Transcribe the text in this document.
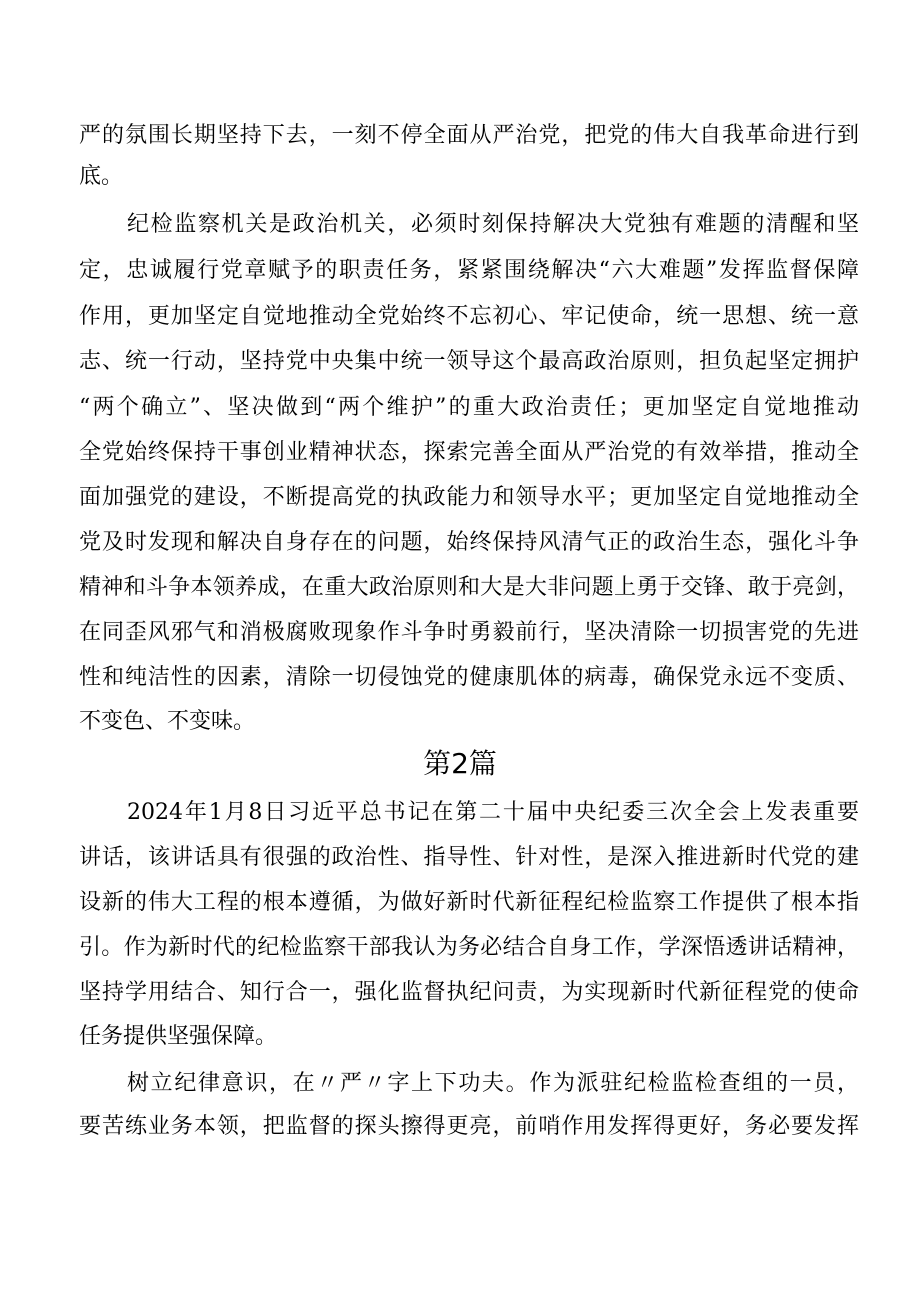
严的氛围长期坚持下去，一刻不停全面从严治党，把党的伟大自我革命进行到
底。
纪检监察机关是政治机关，必须时刻保持解决大党独有难题的清醒和坚
定，忠诚履行党章赋予的职责任务，紧紧围绕解决“六大难题”发挥监督保障
作用，更加坚定自觉地推动全党始终不忘初心、牢记使命，统一思想、统一意
志、统一行动，坚持党中央集中统一领导这个最高政治原则，担负起坚定拥护
“两个确立”、坚决做到“两个维护”的重大政治责任；更加坚定自觉地推动
全党始终保持干事创业精神状态，探索完善全面从严治党的有效举措，推动全
面加强党的建设，不断提高党的执政能力和领导水平；更加坚定自觉地推动全
党及时发现和解决自身存在的问题，始终保持风清气正的政治生态，强化斗争
精神和斗争本领养成，在重大政治原则和大是大非问题上勇于交锋、敢于亮剑，
在同歪风邪气和消极腐败现象作斗争时勇毅前行，坚决清除一切损害党的先进
性和纯洁性的因素，清除一切侵蚀党的健康肌体的病毒，确保党永远不变质、
不变色、不变味。
第2篇
2024年1月8日习近平总书记在第二十届中央纪委三次全会上发表重要
讲话，该讲话具有很强的政治性、指导性、针对性，是深入推进新时代党的建
设新的伟大工程的根本遵循，为做好新时代新征程纪检监察工作提供了根本指
引。作为新时代的纪检监察干部我认为务必结合自身工作，学深悟透讲话精神，
坚持学用结合、知行合一，强化监督执纪问责，为实现新时代新征程党的使命
任务提供坚强保障。
树立纪律意识，在〃严〃字上下功夫。作为派驻纪检监检查组的一员，
要苦练业务本领，把监督的探头擦得更亮，前哨作用发挥得更好，务必要发挥
